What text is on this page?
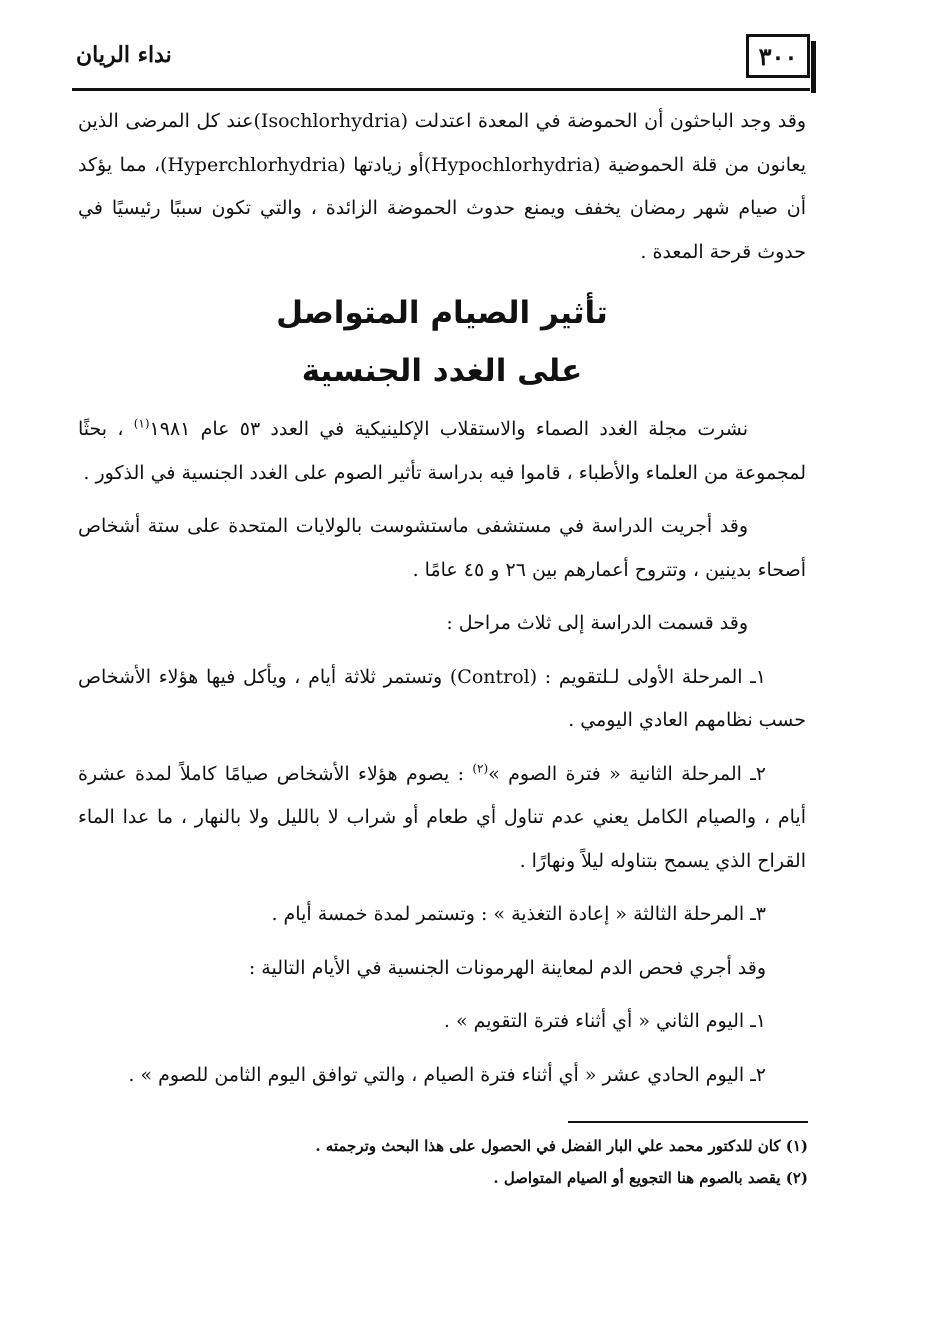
٣٠٠
نداء الريان

وقد وجد الباحثون أن الحموضة في المعدة اعتدلت (Isochlorhydria)عند كل المرضى الذين يعانون من قلة الحموضية (Hypochlorhydria)أو زيادتها (Hyperchlorhydria)، مما يؤكد أن صيام شهر رمضان يخفف ويمنع حدوث الحموضة الزائدة ، والتي تكون سببًا رئيسيًا في حدوث قرحة المعدة .

تأثير الصيام المتواصل

على الغدد الجنسية

نشرت مجلة الغدد الصماء والاستقلاب الإكلينيكية في العدد ٥٣ عام ١٩٨١$^{(١)}$ ، بحثًا لمجموعة من العلماء والأطباء ، قاموا فيه بدراسة تأثير الصوم على الغدد الجنسية في الذكور .

وقد أجريت الدراسة في مستشفى ماستشوست بالولايات المتحدة على ستة أشخاص أصحاء بدينين ، وتتروح أعمارهم بين ٢٦ و ٤٥ عامًا .

وقد قسمت الدراسة إلى ثلاث مراحل :

١ـ المرحلة الأولى لـلتقويم : (Control) وتستمر ثلاثة أيام ، ويأكل فيها هؤلاء الأشخاص حسب نظامهم العادي اليومي .

٢ـ المرحلة الثانية « فترة الصوم »$^{(٢)}$ : يصوم هؤلاء الأشخاص صيامًا كاملاً لمدة عشرة أيام ، والصيام الكامل يعني عدم تناول أي طعام أو شراب لا بالليل ولا بالنهار ، ما عدا الماء القراح الذي يسمح بتناوله ليلاً ونهارًا .

٣ـ المرحلة الثالثة « إعادة التغذية » : وتستمر لمدة خمسة أيام .

وقد أجري فحص الدم لمعاينة الهرمونات الجنسية في الأيام التالية :

١ـ اليوم الثاني « أي أثناء فترة التقويم » .

٢ـ اليوم الحادي عشر « أي أثناء فترة الصيام ، والتي توافق اليوم الثامن للصوم » .

(١) كان للدكتور محمد علي البار الفضل في الحصول على هذا البحث وترجمته .

(٢) يقصد بالصوم هنا التجويع أو الصيام المتواصل .
